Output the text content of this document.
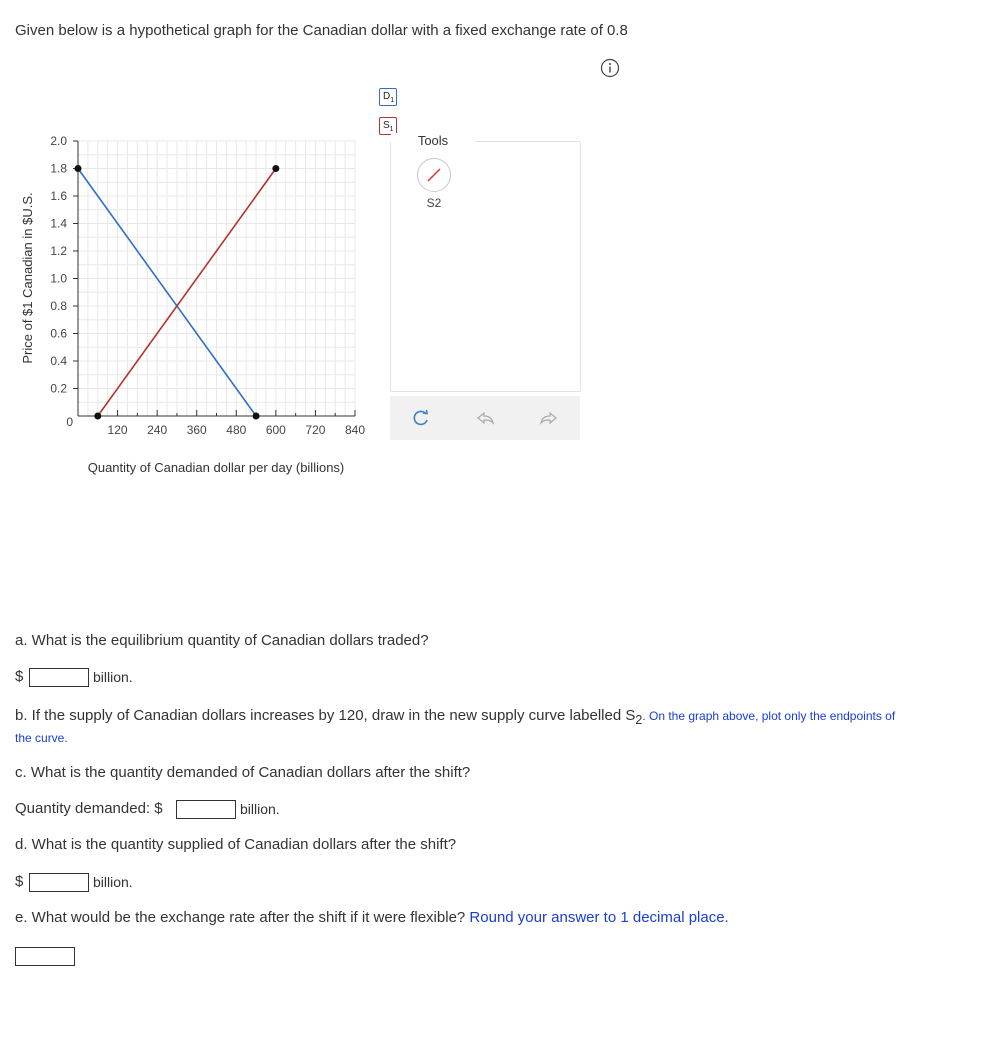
Given below is a hypothetical graph for the Canadian dollar with a fixed exchange rate of 0.8
2.0
1.8
1.6
1.4
1.2
1.0
0.8
0.6
0.4
0.2
0
120 240 360 480 600 720 840
Price of $1 Canadian in $U.S.
Quantity of Canadian dollar per day (billions)
$D_1$
$S_1$
Tools
S2
a. What is the equilibrium quantity of Canadian dollars traded?
$	billion.
b. If the supply of Canadian dollars increases by 120, draw in the new supply curve labelled $S_2$. On the graph above, plot only the endpoints of
the curve.
c. What is the quantity demanded of Canadian dollars after the shift?
Quantity demanded: $	billion.
d. What is the quantity supplied of Canadian dollars after the shift?
$	billion.
e. What would be the exchange rate after the shift if it were flexible? Round your answer to 1 decimal place.
